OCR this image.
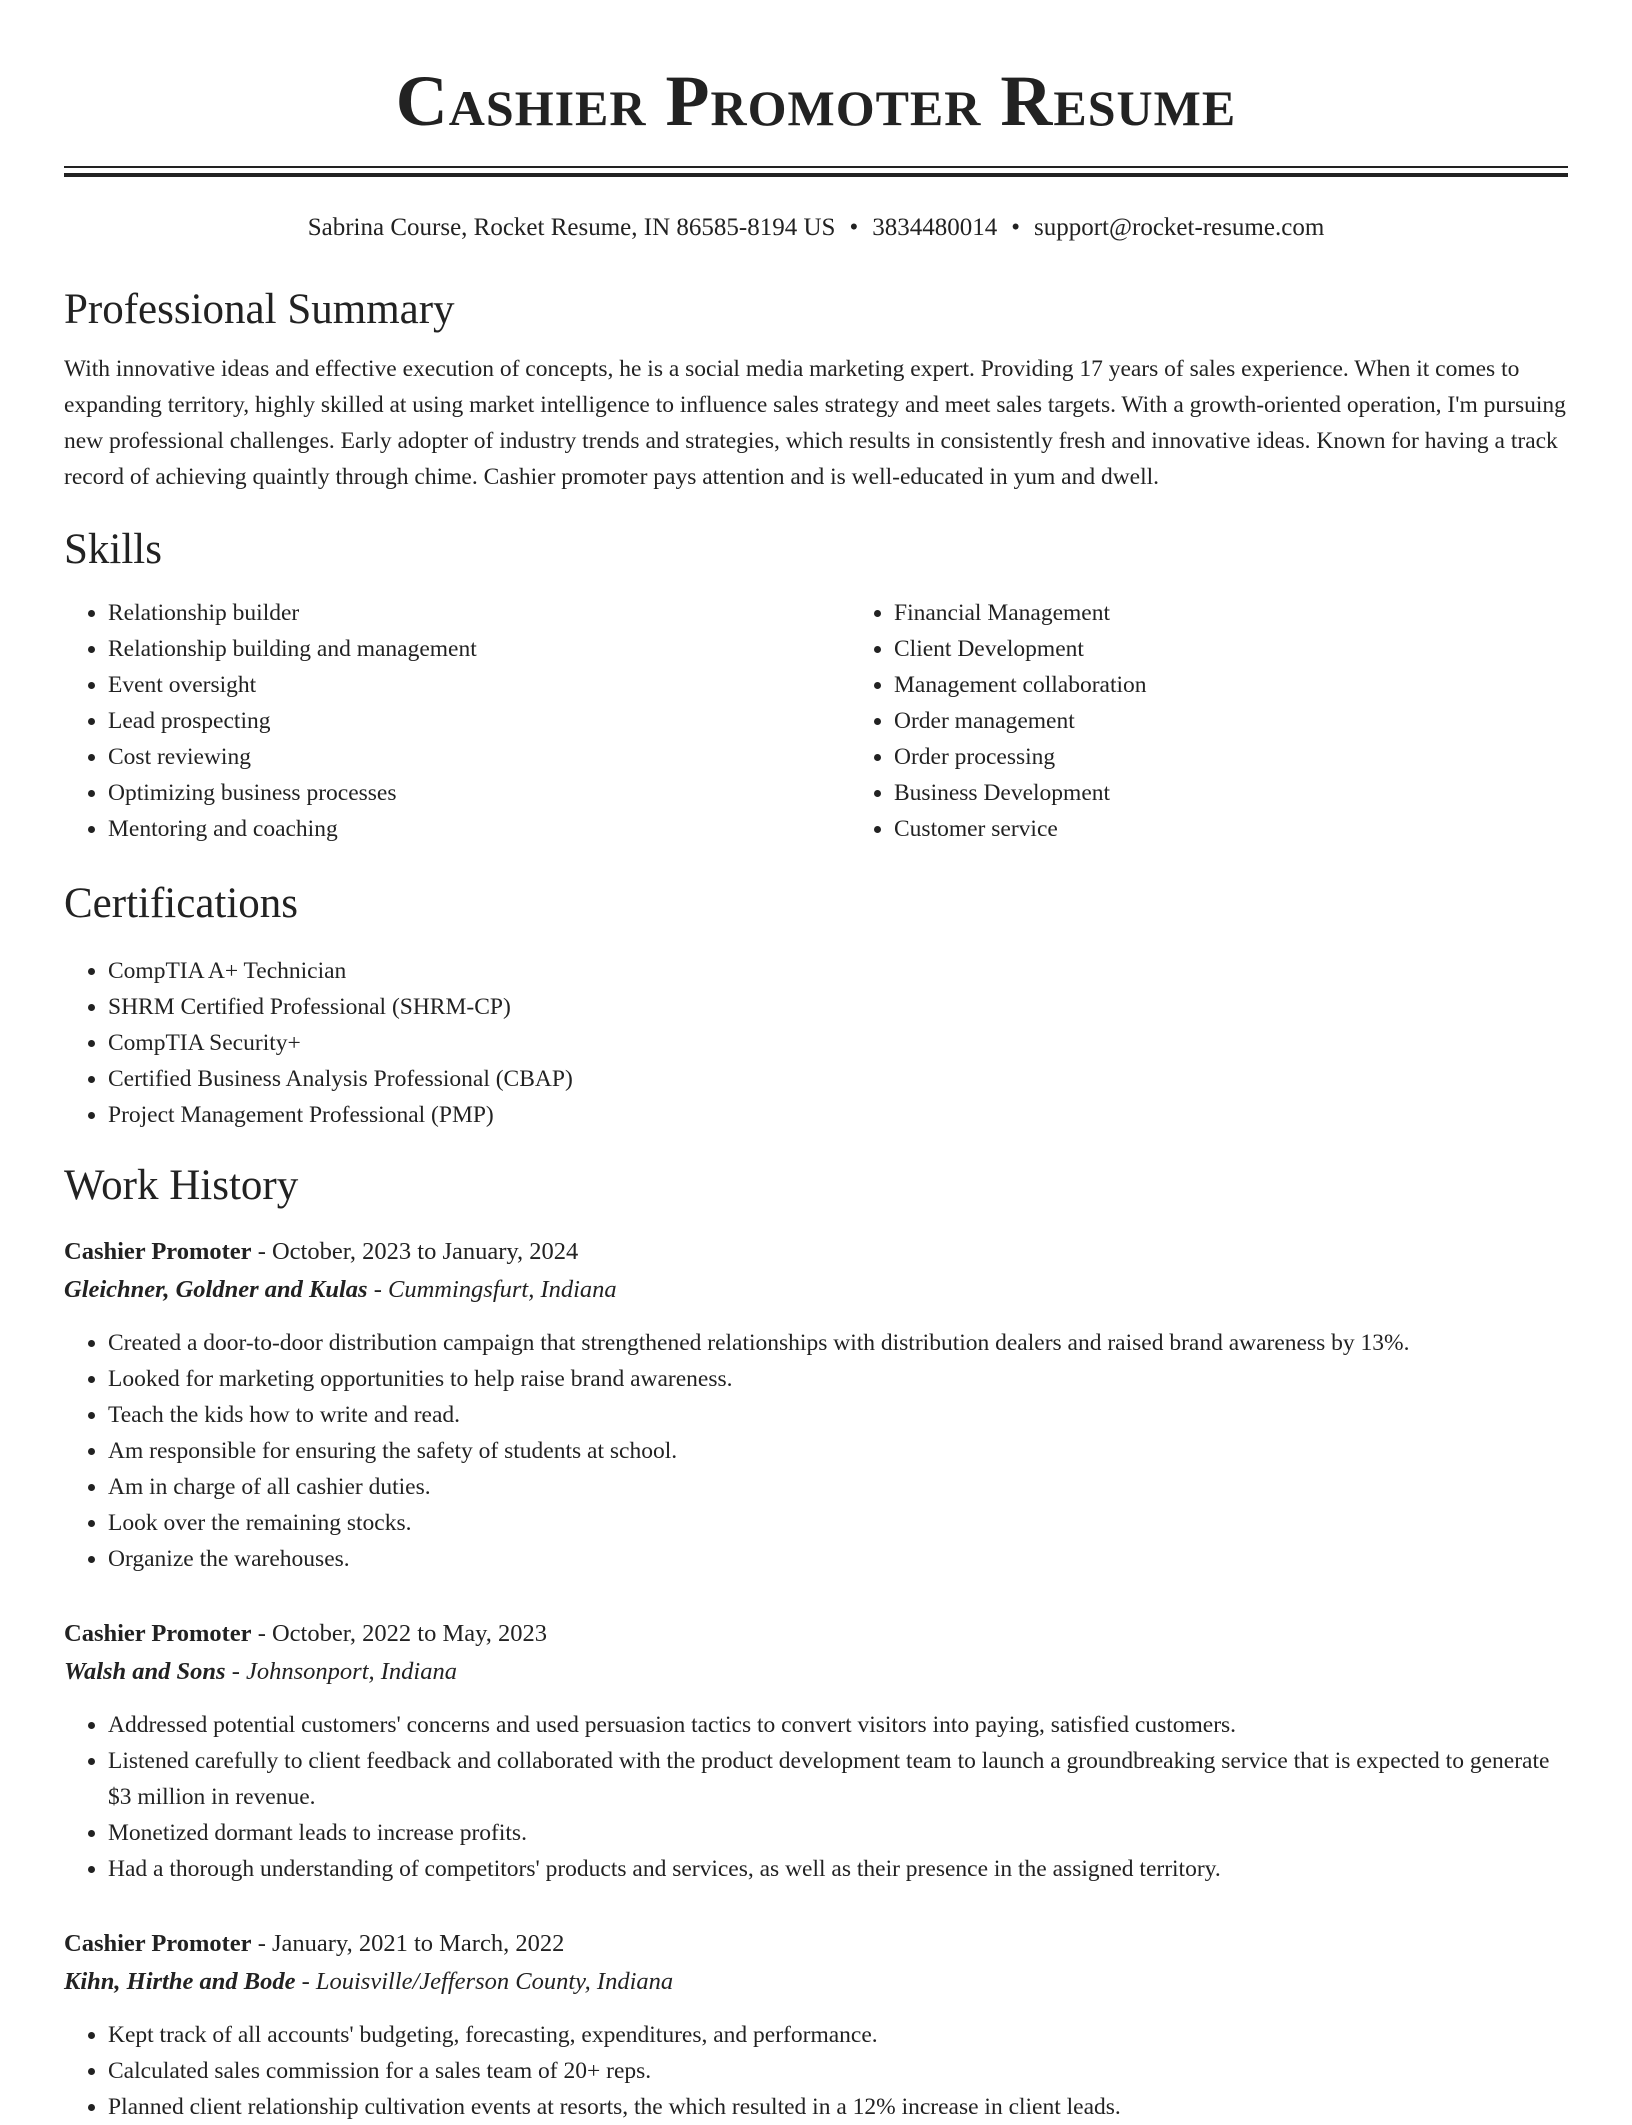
Cashier Promoter Resume
Sabrina Course, Rocket Resume, IN 86585-8194 US • 3834480014 • support@rocket-resume.com
Professional Summary

With innovative ideas and effective execution of concepts, he is a social media marketing expert. Providing 17 years of sales experience. When it comes to expanding territory, highly skilled at using market intelligence to influence sales strategy and meet sales targets. With a growth-oriented operation, I'm pursuing new professional challenges. Early adopter of industry trends and strategies, which results in consistently fresh and innovative ideas. Known for having a track record of achieving quaintly through chime. Cashier promoter pays attention and is well-educated in yum and dwell.

Skills
• Relationship builder
• Relationship building and management
• Event oversight
• Lead prospecting
• Cost reviewing
• Optimizing business processes
• Mentoring and coaching
• Financial Management
• Client Development
• Management collaboration
• Order management
• Order processing
• Business Development
• Customer service
Certifications
• CompTIA A+ Technician
• SHRM Certified Professional (SHRM-CP)
• CompTIA Security+
• Certified Business Analysis Professional (CBAP)
• Project Management Professional (PMP)
Work History
Cashier Promoter - October, 2023 to January, 2024
Gleichner, Goldner and Kulas - Cummingsfurt, Indiana
• Created a door-to-door distribution campaign that strengthened relationships with distribution dealers and raised brand awareness by 13%.
• Looked for marketing opportunities to help raise brand awareness.
• Teach the kids how to write and read.
• Am responsible for ensuring the safety of students at school.
• Am in charge of all cashier duties.
• Look over the remaining stocks.
• Organize the warehouses.
Cashier Promoter - October, 2022 to May, 2023
Walsh and Sons - Johnsonport, Indiana
• Addressed potential customers' concerns and used persuasion tactics to convert visitors into paying, satisfied customers.
• Listened carefully to client feedback and collaborated with the product development team to launch a groundbreaking service that is expected to generate $3 million in revenue.
• Monetized dormant leads to increase profits.
• Had a thorough understanding of competitors' products and services, as well as their presence in the assigned territory.
Cashier Promoter - January, 2021 to March, 2022
Kihn, Hirthe and Bode - Louisville/Jefferson County, Indiana
• Kept track of all accounts' budgeting, forecasting, expenditures, and performance.
• Calculated sales commission for a sales team of 20+ reps.
• Planned client relationship cultivation events at resorts, the which resulted in a 12% increase in client leads.
